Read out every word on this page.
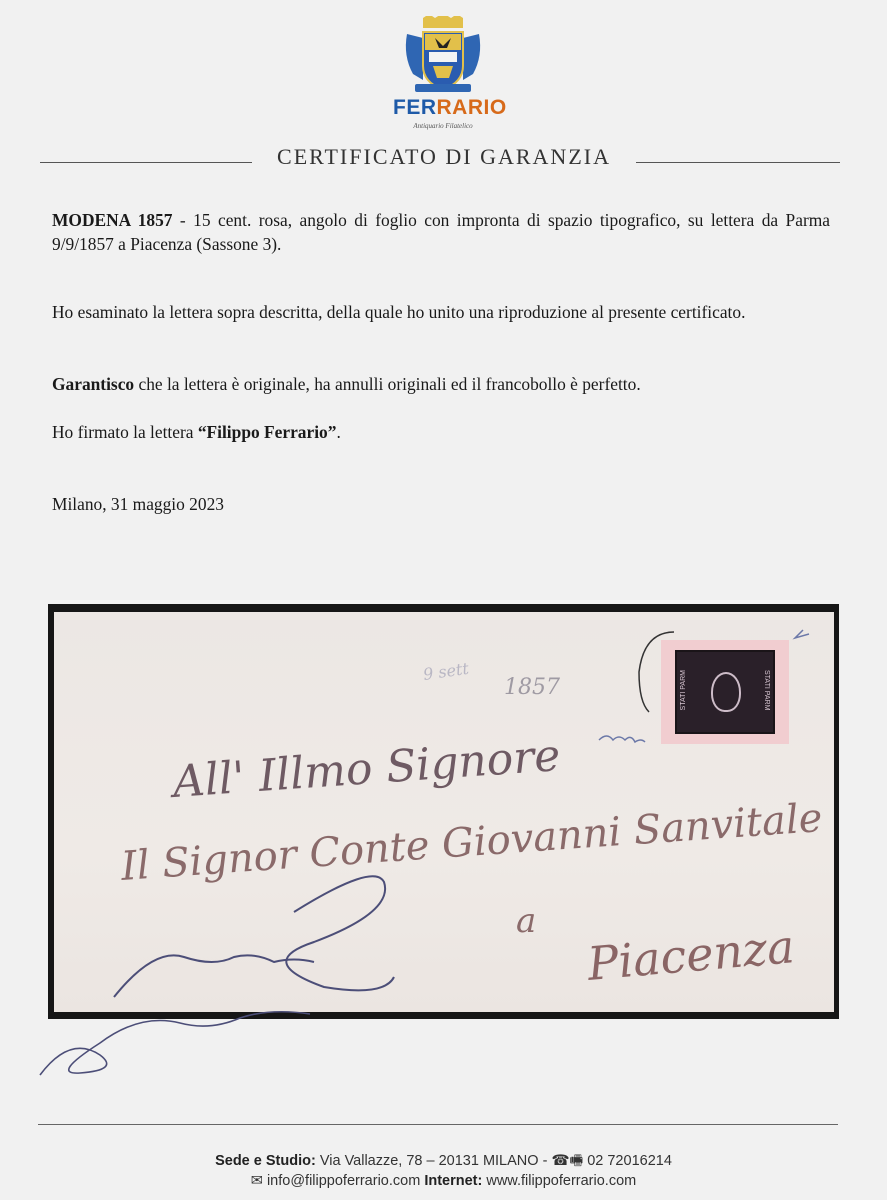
FERRARIO
Antiquario Filatelico
CERTIFICATO DI GARANZIA
MODENA 1857 - 15 cent. rosa, angolo di foglio con impronta di spazio tipografico, su lettera da Parma 9/9/1857 a Piacenza (Sassone 3).
Ho esaminato la lettera sopra descritta, della quale ho unito una riproduzione al presente certificato.
Garantisco che la lettera è originale, ha annulli originali ed il francobollo è perfetto.
Ho firmato la lettera “Filippo Ferrario”.
Milano, 31 maggio 2023
9 sett
1857
All' Illmo Signore
Il Signor Conte Giovanni Sanvitale
a Piacenza
STATI PARM	STATI PARM
Sede e Studio: Via Vallazze, 78 – 20131 MILANO - ☎🖷 02 72016214
✉ info@filippoferrario.com Internet: www.filippoferrario.com
